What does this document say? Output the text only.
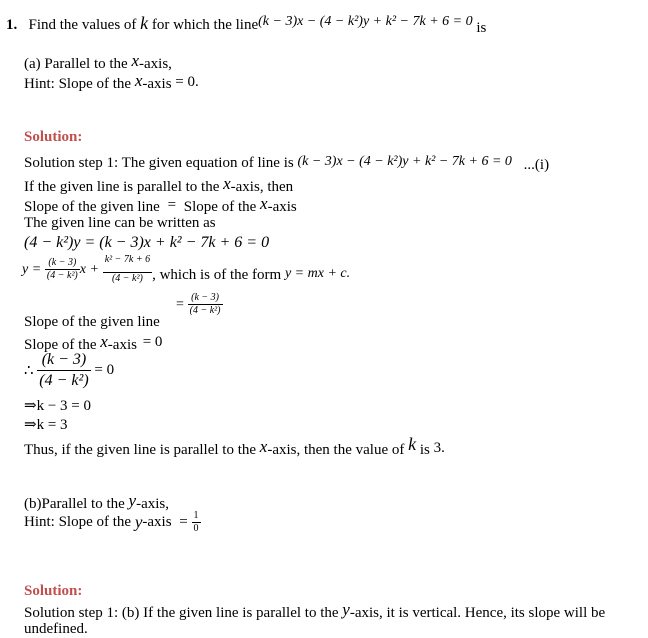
1. Find the values of k for which the line(k − 3)x − (4 − k²)y + k² − 7k + 6 = 0 is
(a) Parallel to the x-axis,
Hint: Slope of the x-axis = 0.
Solution:
Solution step 1: The given equation of line is (k − 3)x − (4 − k²)y + k² − 7k + 6 = 0 ...(i)
If the given line is parallel to the x-axis, then
Slope of the given line = Slope of the x-axis
The given line can be written as
(4 − k²)y = (k − 3)x + k² − 7k + 6 = 0
$y = \frac{(k - 3)}{\text{(4 − k²)}}$ $x + \frac{\text{k² − 7k + 6}}{\text{(4 − k²)}}$ , which is of the form y = mx + c.
= $\frac{(k - 3)}{\text{(4 − k²)}}$
Slope of the given line
Slope of the x-axis = 0
∴ $\frac{(k - 3)}{\text{(4 − k²)}} = 0$
⇒k − 3 = 0
⇒k = 3
Thus, if the given line is parallel to the x-axis, then the value of k is 3.
(b)Parallel to the y-axis,
Hint: Slope of the y-axis = $\frac{1}{0}$
Solution:
Solution step 1: (b) If the given line is parallel to the y-axis, it is vertical. Hence, its slope will be
undefined.
